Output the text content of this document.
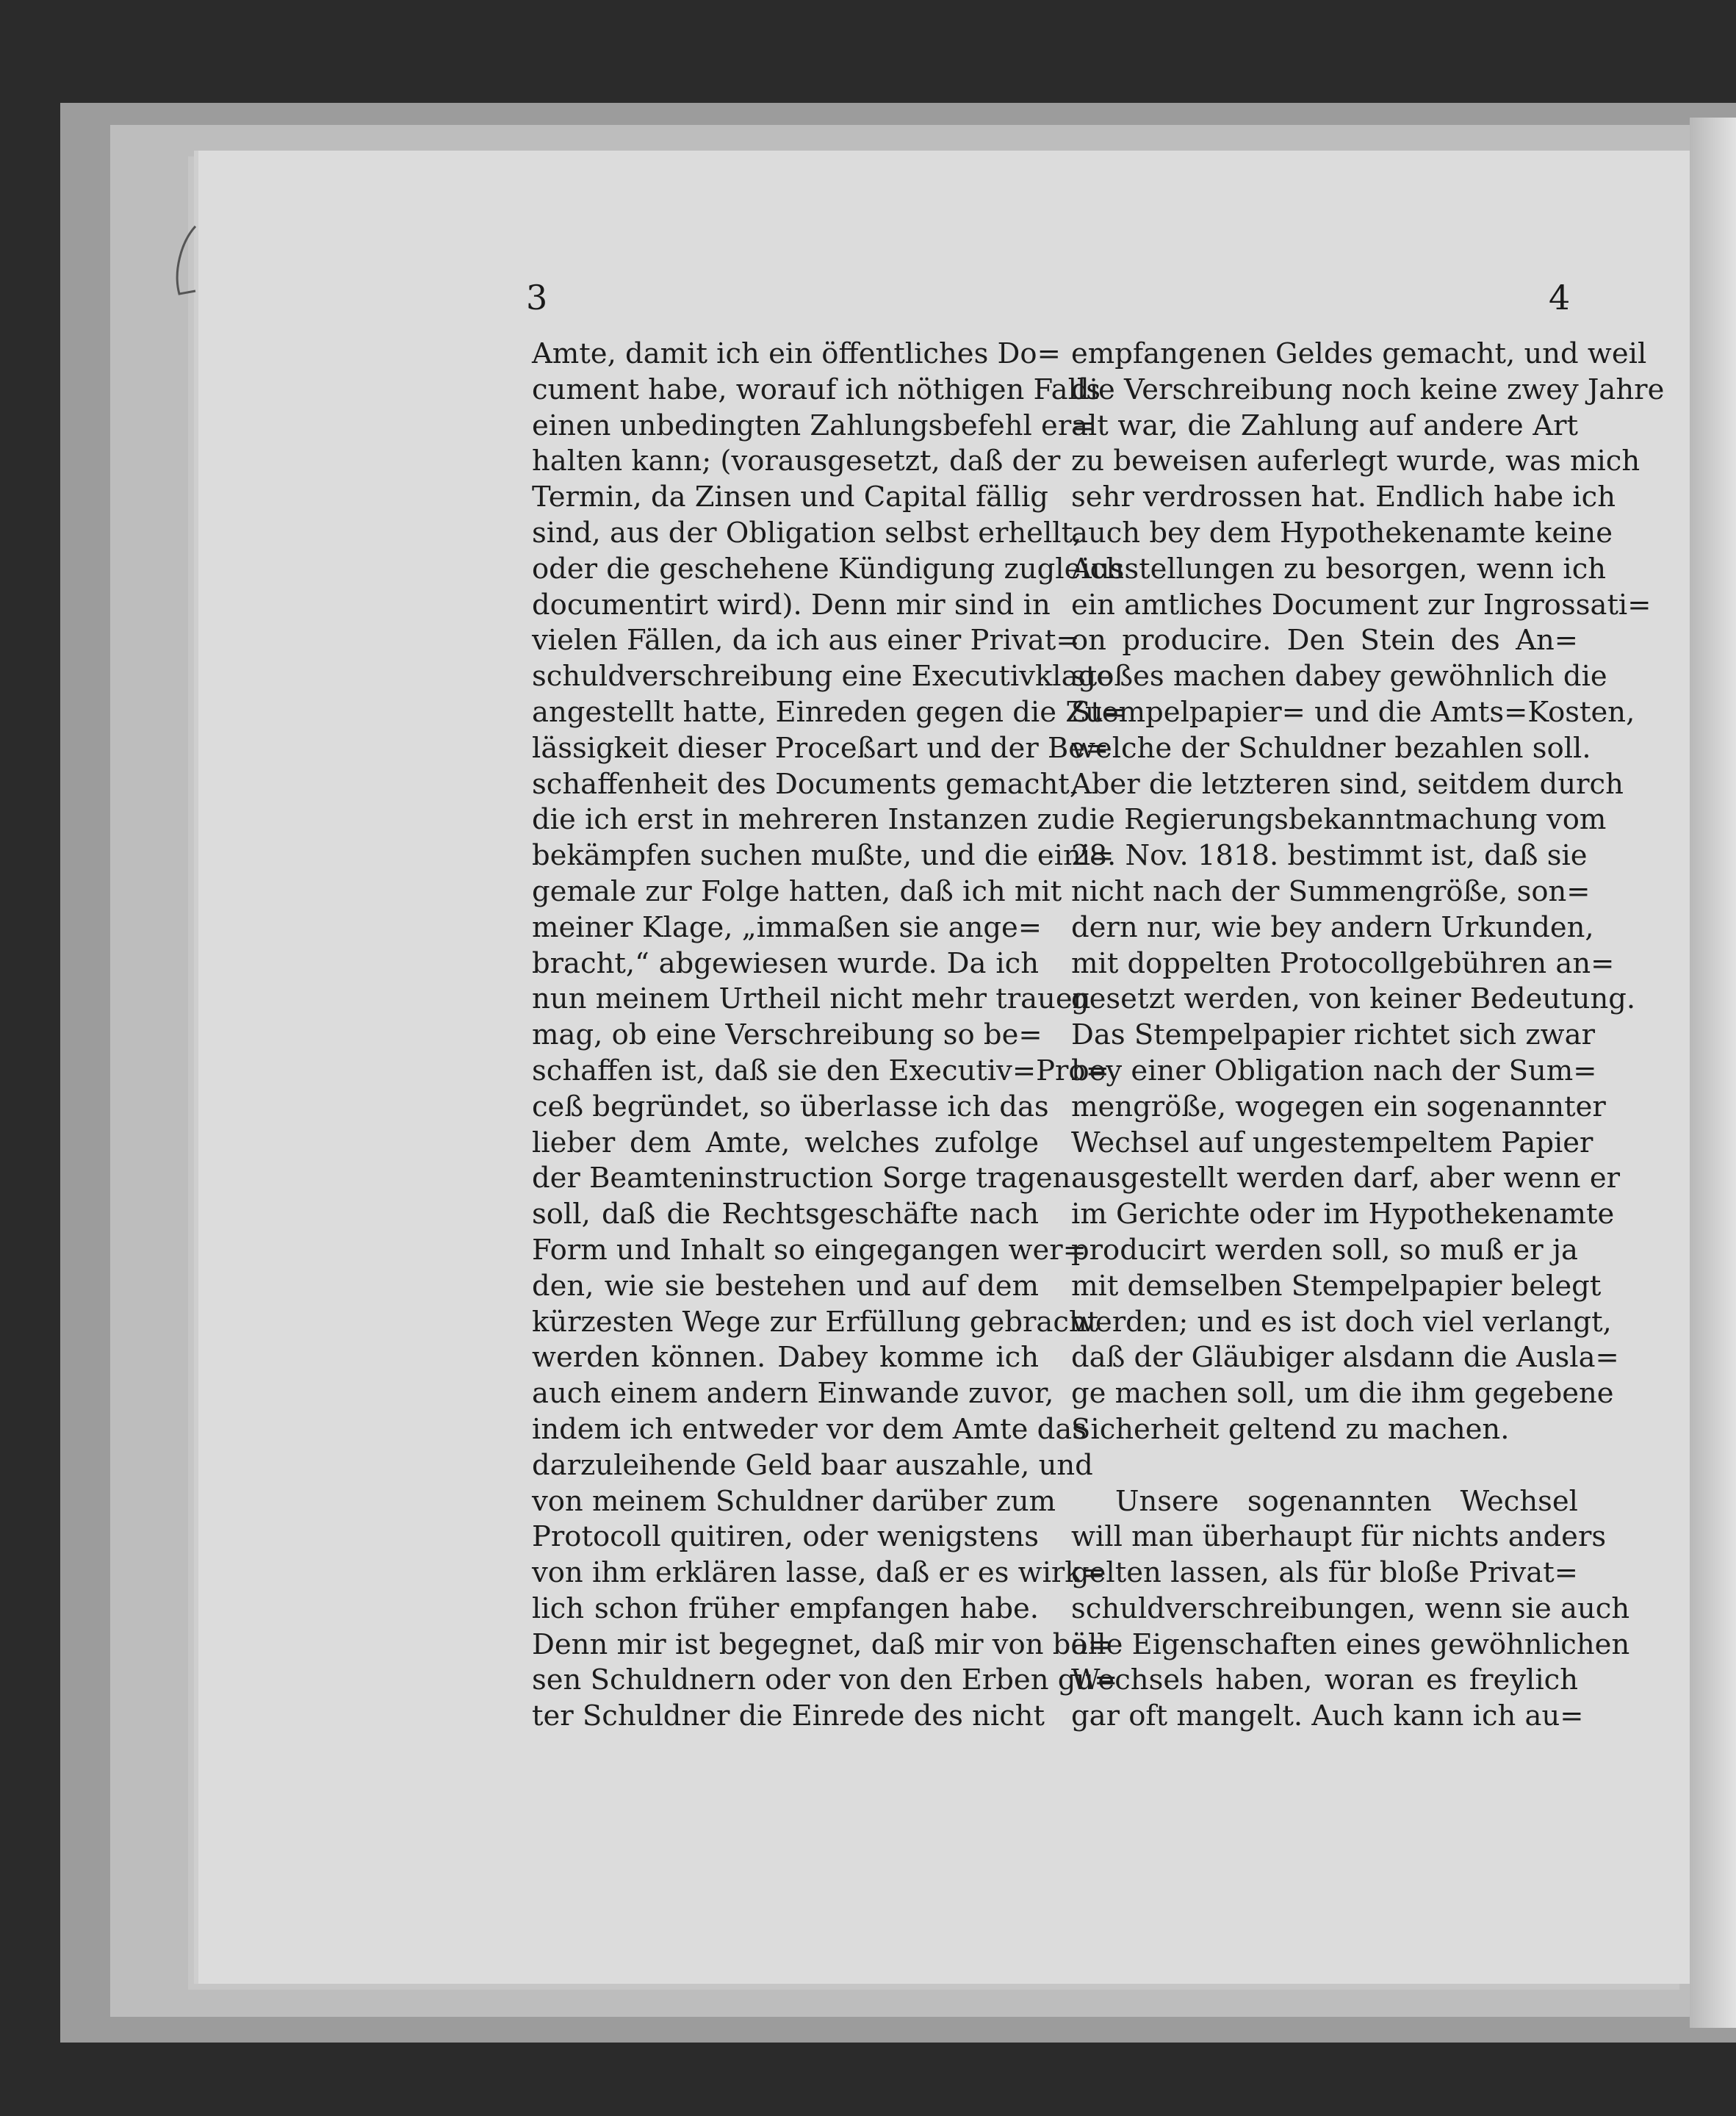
3	4
Amte, damit ich ein öffentliches Do=
cument habe, worauf ich nöthigen Falls
einen unbedingten Zahlungsbefehl er=
halten kann; (vorausgesetzt, daß der
Termin, da Zinsen und Capital fällig
sind, aus der Obligation selbst erhellt,
oder die geschehene Kündigung zugleich
documentirt wird). Denn mir sind in
vielen Fällen, da ich aus einer Privat=
schuldverschreibung eine Executivklage
angestellt hatte, Einreden gegen die Zu=
lässigkeit dieser Proceßart und der Be=
schaffenheit des Documents gemacht,
die ich erst in mehreren Instanzen zu
bekämpfen suchen mußte, und die eini=
gemale zur Folge hatten, daß ich mit
meiner Klage, „immaßen sie ange=
bracht,“ abgewiesen wurde. Da ich
nun meinem Urtheil nicht mehr trauen
mag, ob eine Verschreibung so be=
schaffen ist, daß sie den Executiv=Pro=
ceß begründet, so überlasse ich das
lieber dem Amte, welches zufolge
der Beamteninstruction Sorge tragen
soll, daß die Rechtsgeschäfte nach
Form und Inhalt so eingegangen wer=
den, wie sie bestehen und auf dem
kürzesten Wege zur Erfüllung gebracht
werden können. Dabey komme ich
auch einem andern Einwande zuvor,
indem ich entweder vor dem Amte das
darzuleihende Geld baar auszahle, und
von meinem Schuldner darüber zum
Protocoll quitiren, oder wenigstens
von ihm erklären lasse, daß er es wirk=
lich schon früher empfangen habe.
Denn mir ist begegnet, daß mir von bö=
sen Schuldnern oder von den Erben gu=
ter Schuldner die Einrede des nicht
empfangenen Geldes gemacht, und weil
die Verschreibung noch keine zwey Jahre
alt war, die Zahlung auf andere Art
zu beweisen auferlegt wurde, was mich
sehr verdrossen hat. Endlich habe ich
auch bey dem Hypothekenamte keine
Ausstellungen zu besorgen, wenn ich
ein amtliches Document zur Ingrossati=
on producire. Den Stein des An=
stoßes machen dabey gewöhnlich die
Stempelpapier= und die Amts=Kosten,
welche der Schuldner bezahlen soll.
Aber die letzteren sind, seitdem durch
die Regierungsbekanntmachung vom
28. Nov. 1818. bestimmt ist, daß sie
nicht nach der Summengröße, son=
dern nur, wie bey andern Urkunden,
mit doppelten Protocollgebühren an=
gesetzt werden, von keiner Bedeutung.
Das Stempelpapier richtet sich zwar
bey einer Obligation nach der Sum=
mengröße, wogegen ein sogenannter
Wechsel auf ungestempeltem Papier
ausgestellt werden darf, aber wenn er
im Gerichte oder im Hypothekenamte
producirt werden soll, so muß er ja
mit demselben Stempelpapier belegt
werden; und es ist doch viel verlangt,
daß der Gläubiger alsdann die Ausla=
ge machen soll, um die ihm gegebene
Sicherheit geltend zu machen.
Unsere sogenannten Wechsel
will man überhaupt für nichts anders
gelten lassen, als für bloße Privat=
schuldverschreibungen, wenn sie auch
alle Eigenschaften eines gewöhnlichen
Wechsels haben, woran es freylich
gar oft mangelt. Auch kann ich au=
